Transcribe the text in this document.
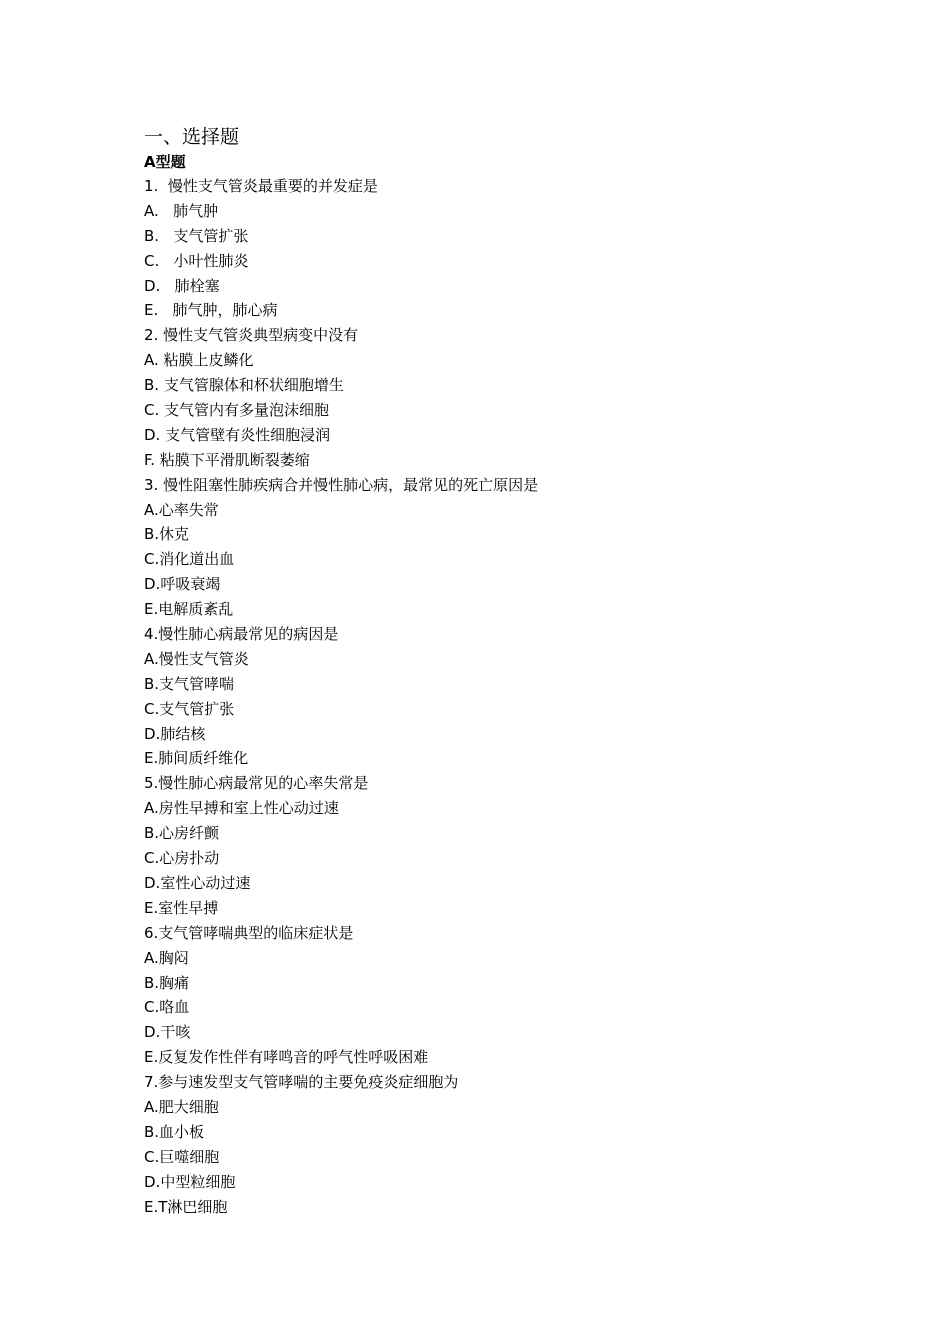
一、选择题
A型题
1.  慢性支气管炎最重要的并发症是
A.   肺气肿
B.   支气管扩张
C.   小叶性肺炎
D.   肺栓塞
E.   肺气肿，肺心病
2. 慢性支气管炎典型病变中没有
A. 粘膜上皮鳞化
B. 支气管腺体和杯状细胞增生
C. 支气管内有多量泡沫细胞
D. 支气管壁有炎性细胞浸润
F. 粘膜下平滑肌断裂萎缩
3. 慢性阻塞性肺疾病合并慢性肺心病，最常见的死亡原因是
A.心率失常
B.休克
C.消化道出血
D.呼吸衰竭
E.电解质紊乱
4.慢性肺心病最常见的病因是
A.慢性支气管炎
B.支气管哮喘
C.支气管扩张
D.肺结核
E.肺间质纤维化
5.慢性肺心病最常见的心率失常是
A.房性早搏和室上性心动过速
B.心房纤颤
C.心房扑动
D.室性心动过速
E.室性早搏
6.支气管哮喘典型的临床症状是
A.胸闷
B.胸痛
C.咯血
D.干咳
E.反复发作性伴有哮鸣音的呼气性呼吸困难
7.参与速发型支气管哮喘的主要免疫炎症细胞为
A.肥大细胞
B.血小板
C.巨噬细胞
D.中型粒细胞
E.T淋巴细胞
